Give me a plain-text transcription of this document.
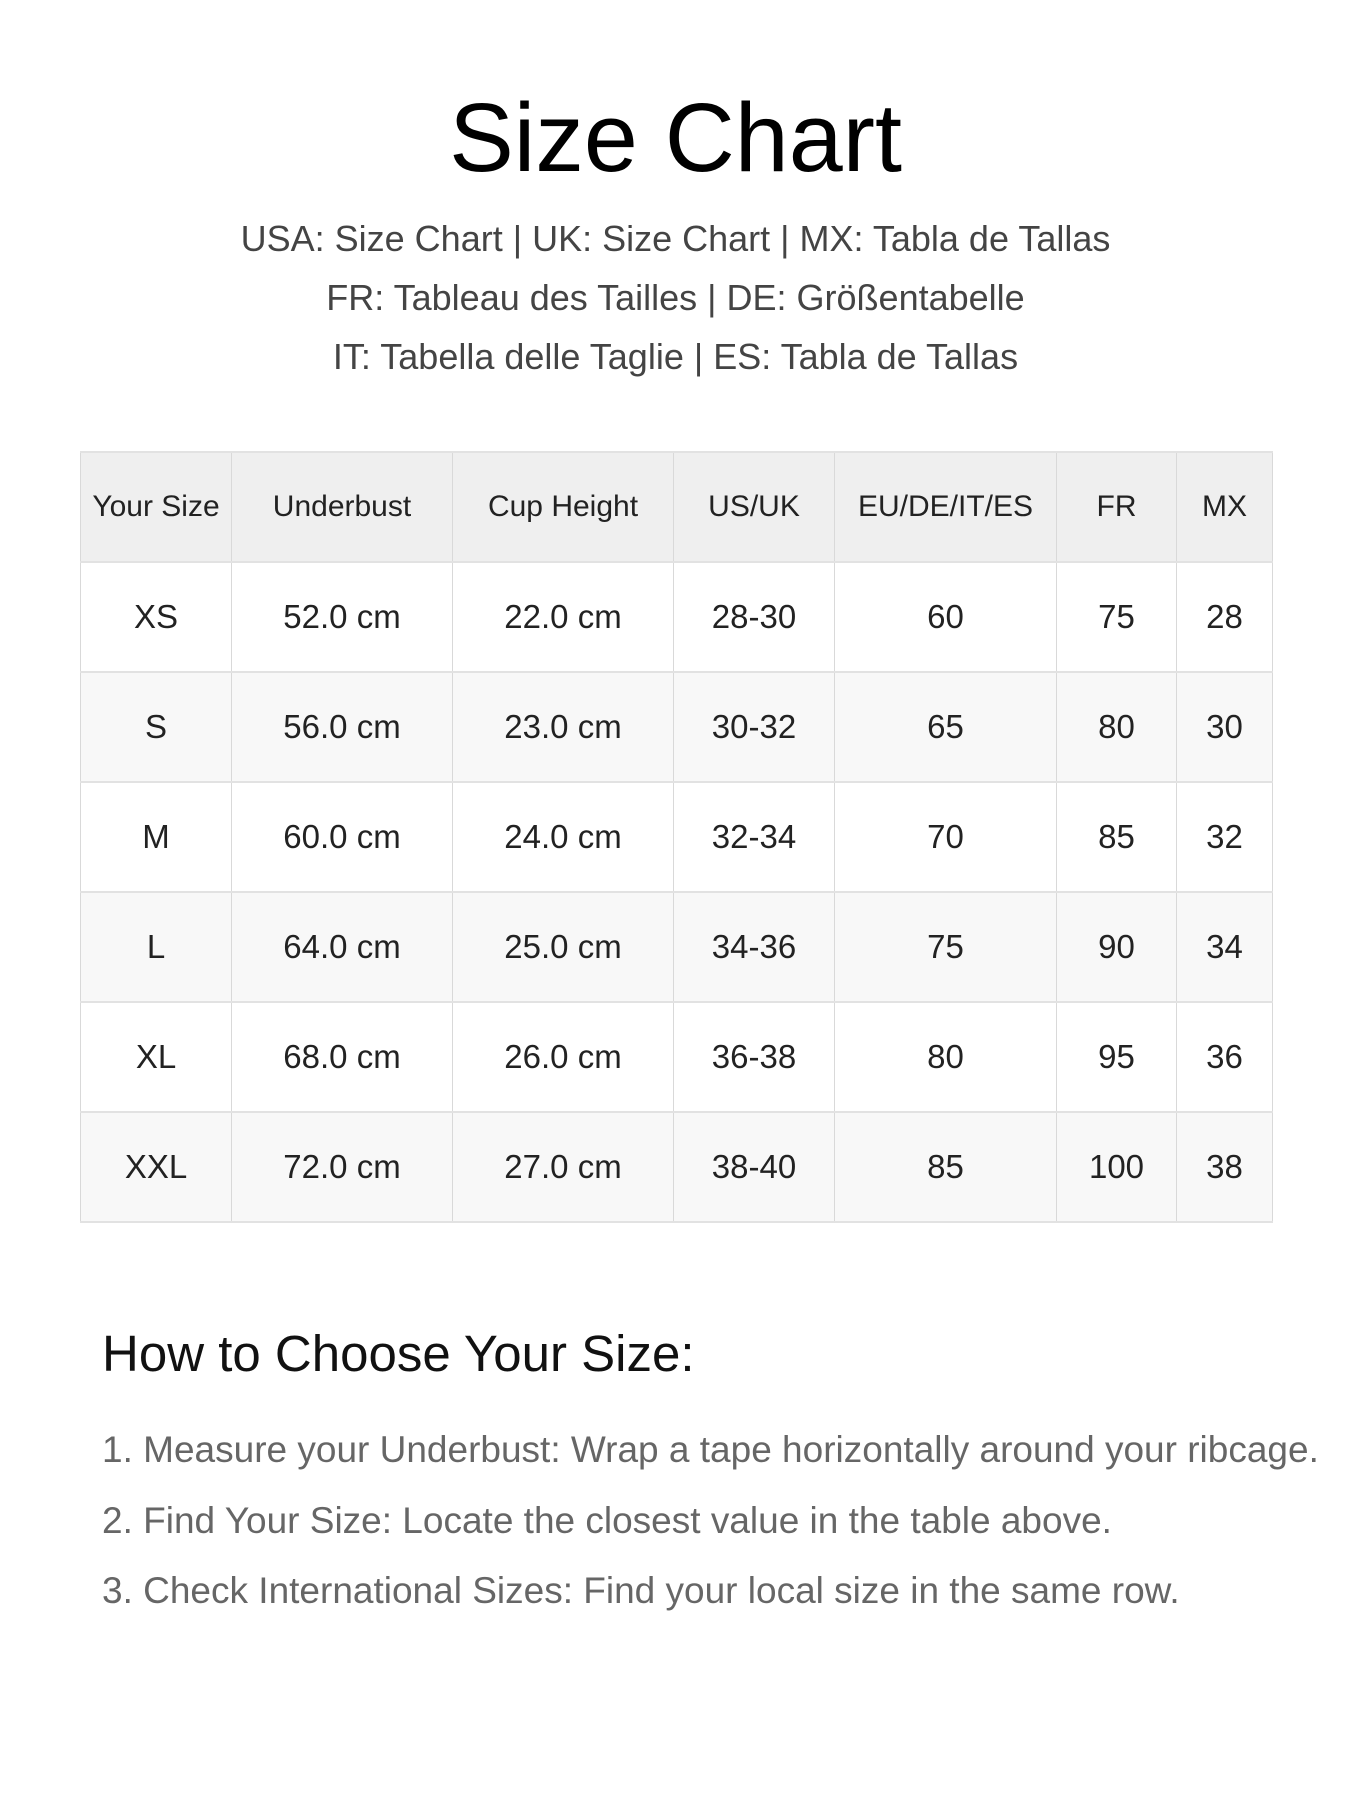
Size Chart
USA: Size Chart | UK: Size Chart | MX: Tabla de Tallas
FR: Tableau des Tailles | DE: Größentabelle
IT: Tabella delle Taglie | ES: Tabla de Tallas
Your Size	Underbust	Cup Height	US/UK	EU/DE/IT/ES	FR	MX
XS	52.0 cm	22.0 cm	28-30	60	75	28
S	56.0 cm	23.0 cm	30-32	65	80	30
M	60.0 cm	24.0 cm	32-34	70	85	32
L	64.0 cm	25.0 cm	34-36	75	90	34
XL	68.0 cm	26.0 cm	36-38	80	95	36
XXL	72.0 cm	27.0 cm	38-40	85	100	38
How to Choose Your Size:
1. Measure your Underbust: Wrap a tape horizontally around your ribcage.
2. Find Your Size: Locate the closest value in the table above.
3. Check International Sizes: Find your local size in the same row.
